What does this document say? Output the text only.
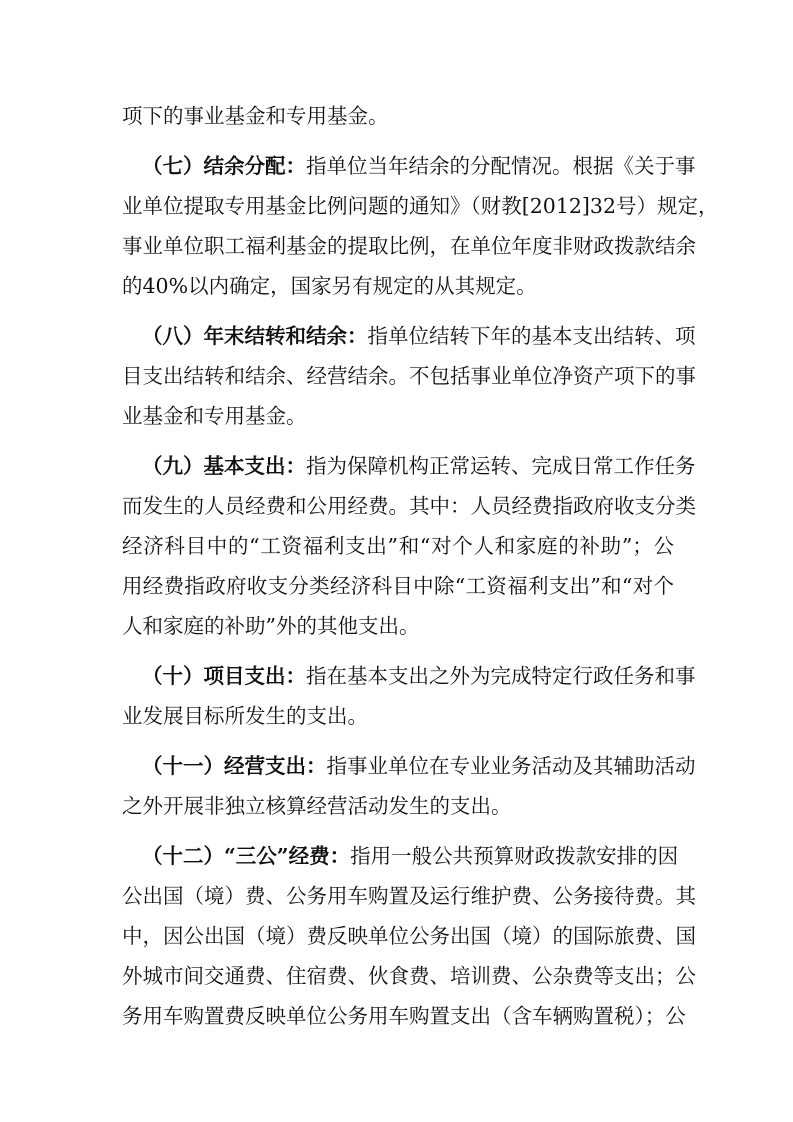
项下的事业基金和专用基金。
（七）结余分配：指单位当年结余的分配情况。根据《关于事
业单位提取专用基金比例问题的通知》（财教[2012]32号）规定，
事业单位职工福利基金的提取比例，在单位年度非财政拨款结余
的40%以内确定，国家另有规定的从其规定。
（八）年末结转和结余：指单位结转下年的基本支出结转、项
目支出结转和结余、经营结余。不包括事业单位净资产项下的事
业基金和专用基金。
（九）基本支出：指为保障机构正常运转、完成日常工作任务
而发生的人员经费和公用经费。其中：人员经费指政府收支分类
经济科目中的“工资福利支出”和“对个人和家庭的补助”；公
用经费指政府收支分类经济科目中除“工资福利支出”和“对个
人和家庭的补助”外的其他支出。
（十）项目支出：指在基本支出之外为完成特定行政任务和事
业发展目标所发生的支出。
（十一）经营支出：指事业单位在专业业务活动及其辅助活动
之外开展非独立核算经营活动发生的支出。
（十二）“三公”经费：指用一般公共预算财政拨款安排的因
公出国（境）费、公务用车购置及运行维护费、公务接待费。其
中，因公出国（境）费反映单位公务出国（境）的国际旅费、国
外城市间交通费、住宿费、伙食费、培训费、公杂费等支出；公
务用车购置费反映单位公务用车购置支出（含车辆购置税）；公
